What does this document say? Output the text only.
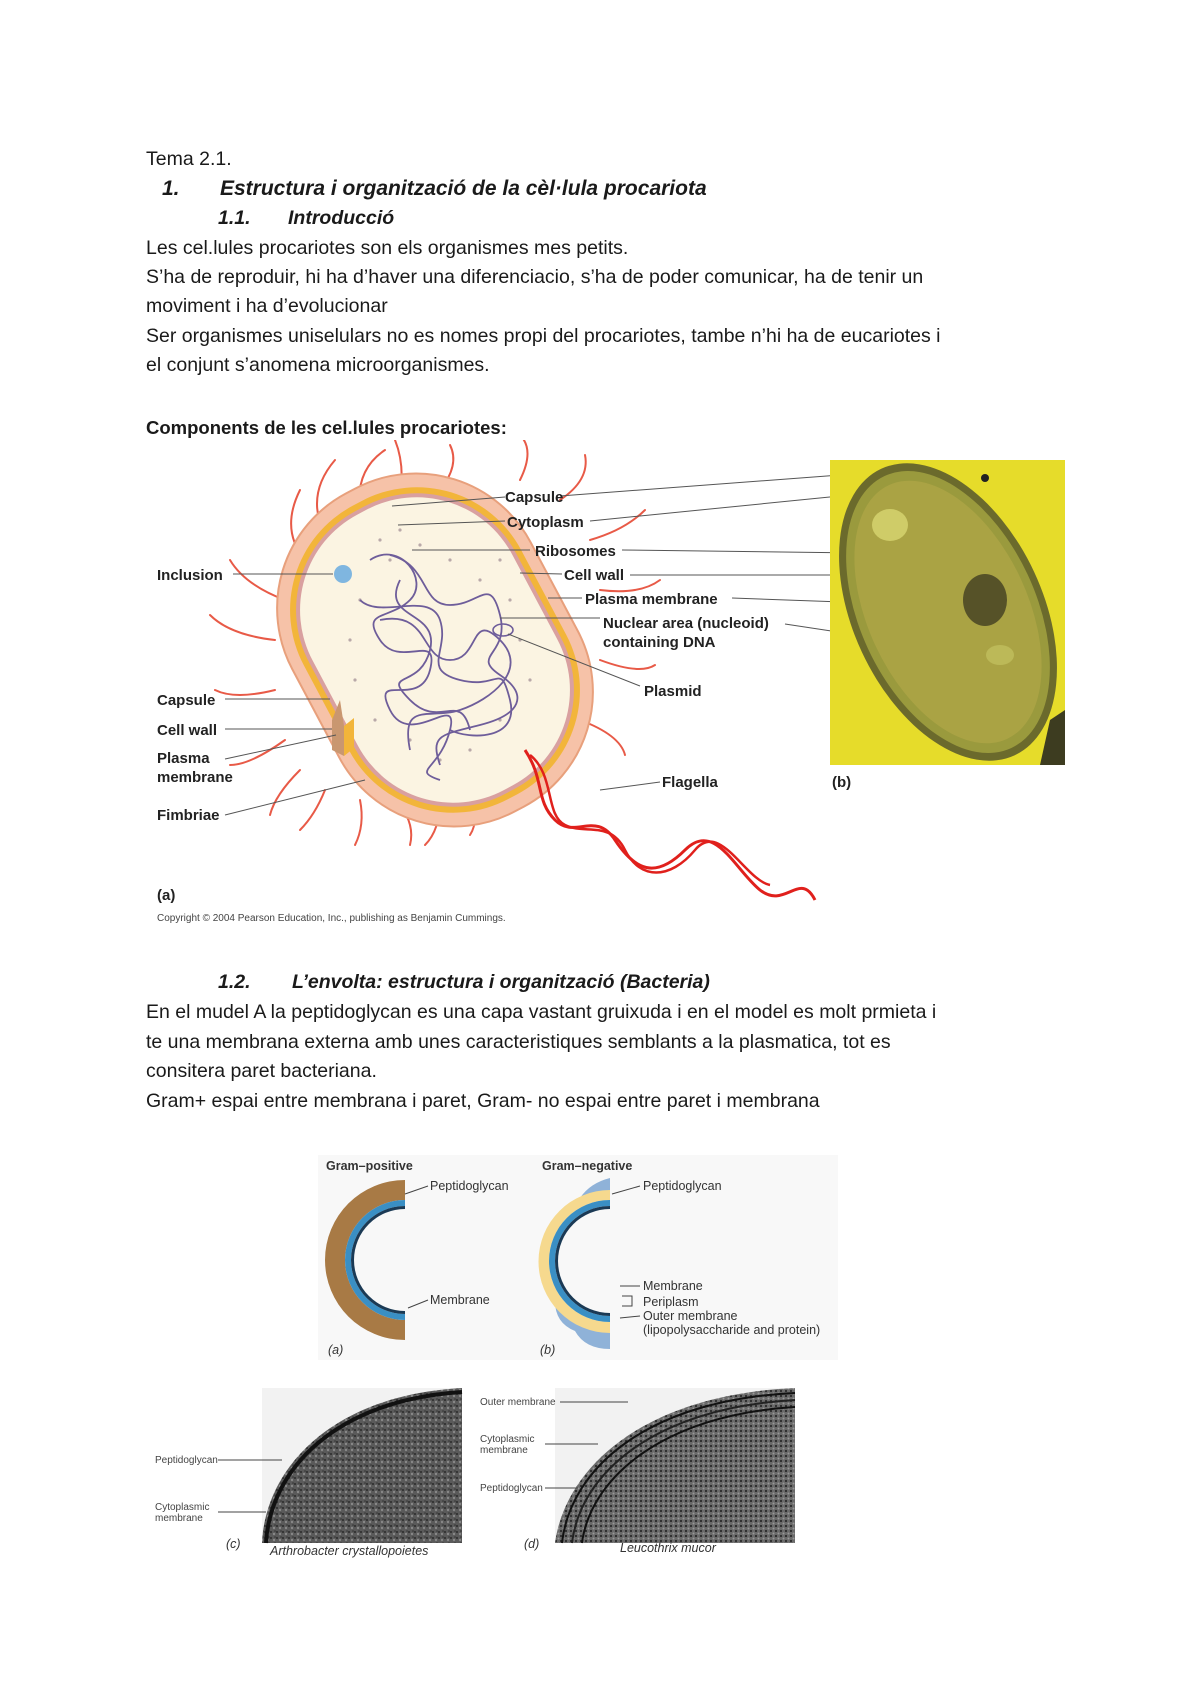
Tema 2.1.
1. Estructura i organització de la cèl·lula procariota
1.1. Introducció
Les cel.lules procariotes son els organismes mes petits.
S’ha de reproduir, hi ha d’haver una diferenciacio, s’ha de poder comunicar, ha de tenir un
moviment i ha d’evolucionar
Ser organismes uniselulars no es nomes propi del procariotes, tambe n’hi ha de eucariotes i
el conjunt s’anomena microorganismes.
Components de les cel.lules procariotes:
1.2. L’envolta: estructura i organització (Bacteria)
En el mudel A la peptidoglycan es una capa vastant gruixuda i en el model es molt prmieta i
te una membrana externa amb unes caracteristiques semblants a la plasmatica, tot es
consitera paret bacteriana.
Gram+ espai entre membrana i paret, Gram- no espai entre paret i membrana
Capsule
Cytoplasm
Ribosomes
Inclusion	Cell wall
Plasma membrane
Nuclear area (nucleoid)
containing DNA
Plasmid
Capsule
Cell wall
Plasma
membrane
Fimbriae
Flagella
(a)
Copyright © 2004 Pearson Education, Inc., publishing as Benjamin Cummings.
(b)
Gram–positive	Gram–negative
Peptidoglycan
Membrane
(a)
Peptidoglycan
Membrane
Periplasm
Outer membrane
(lipopolysaccharide and protein)
(b)
Peptidoglycan
Cytoplasmic
membrane
(c) Arthrobacter crystallopoietes
Outer membrane
Cytoplasmic
membrane
Peptidoglycan
(d)	Leucothrix mucor
